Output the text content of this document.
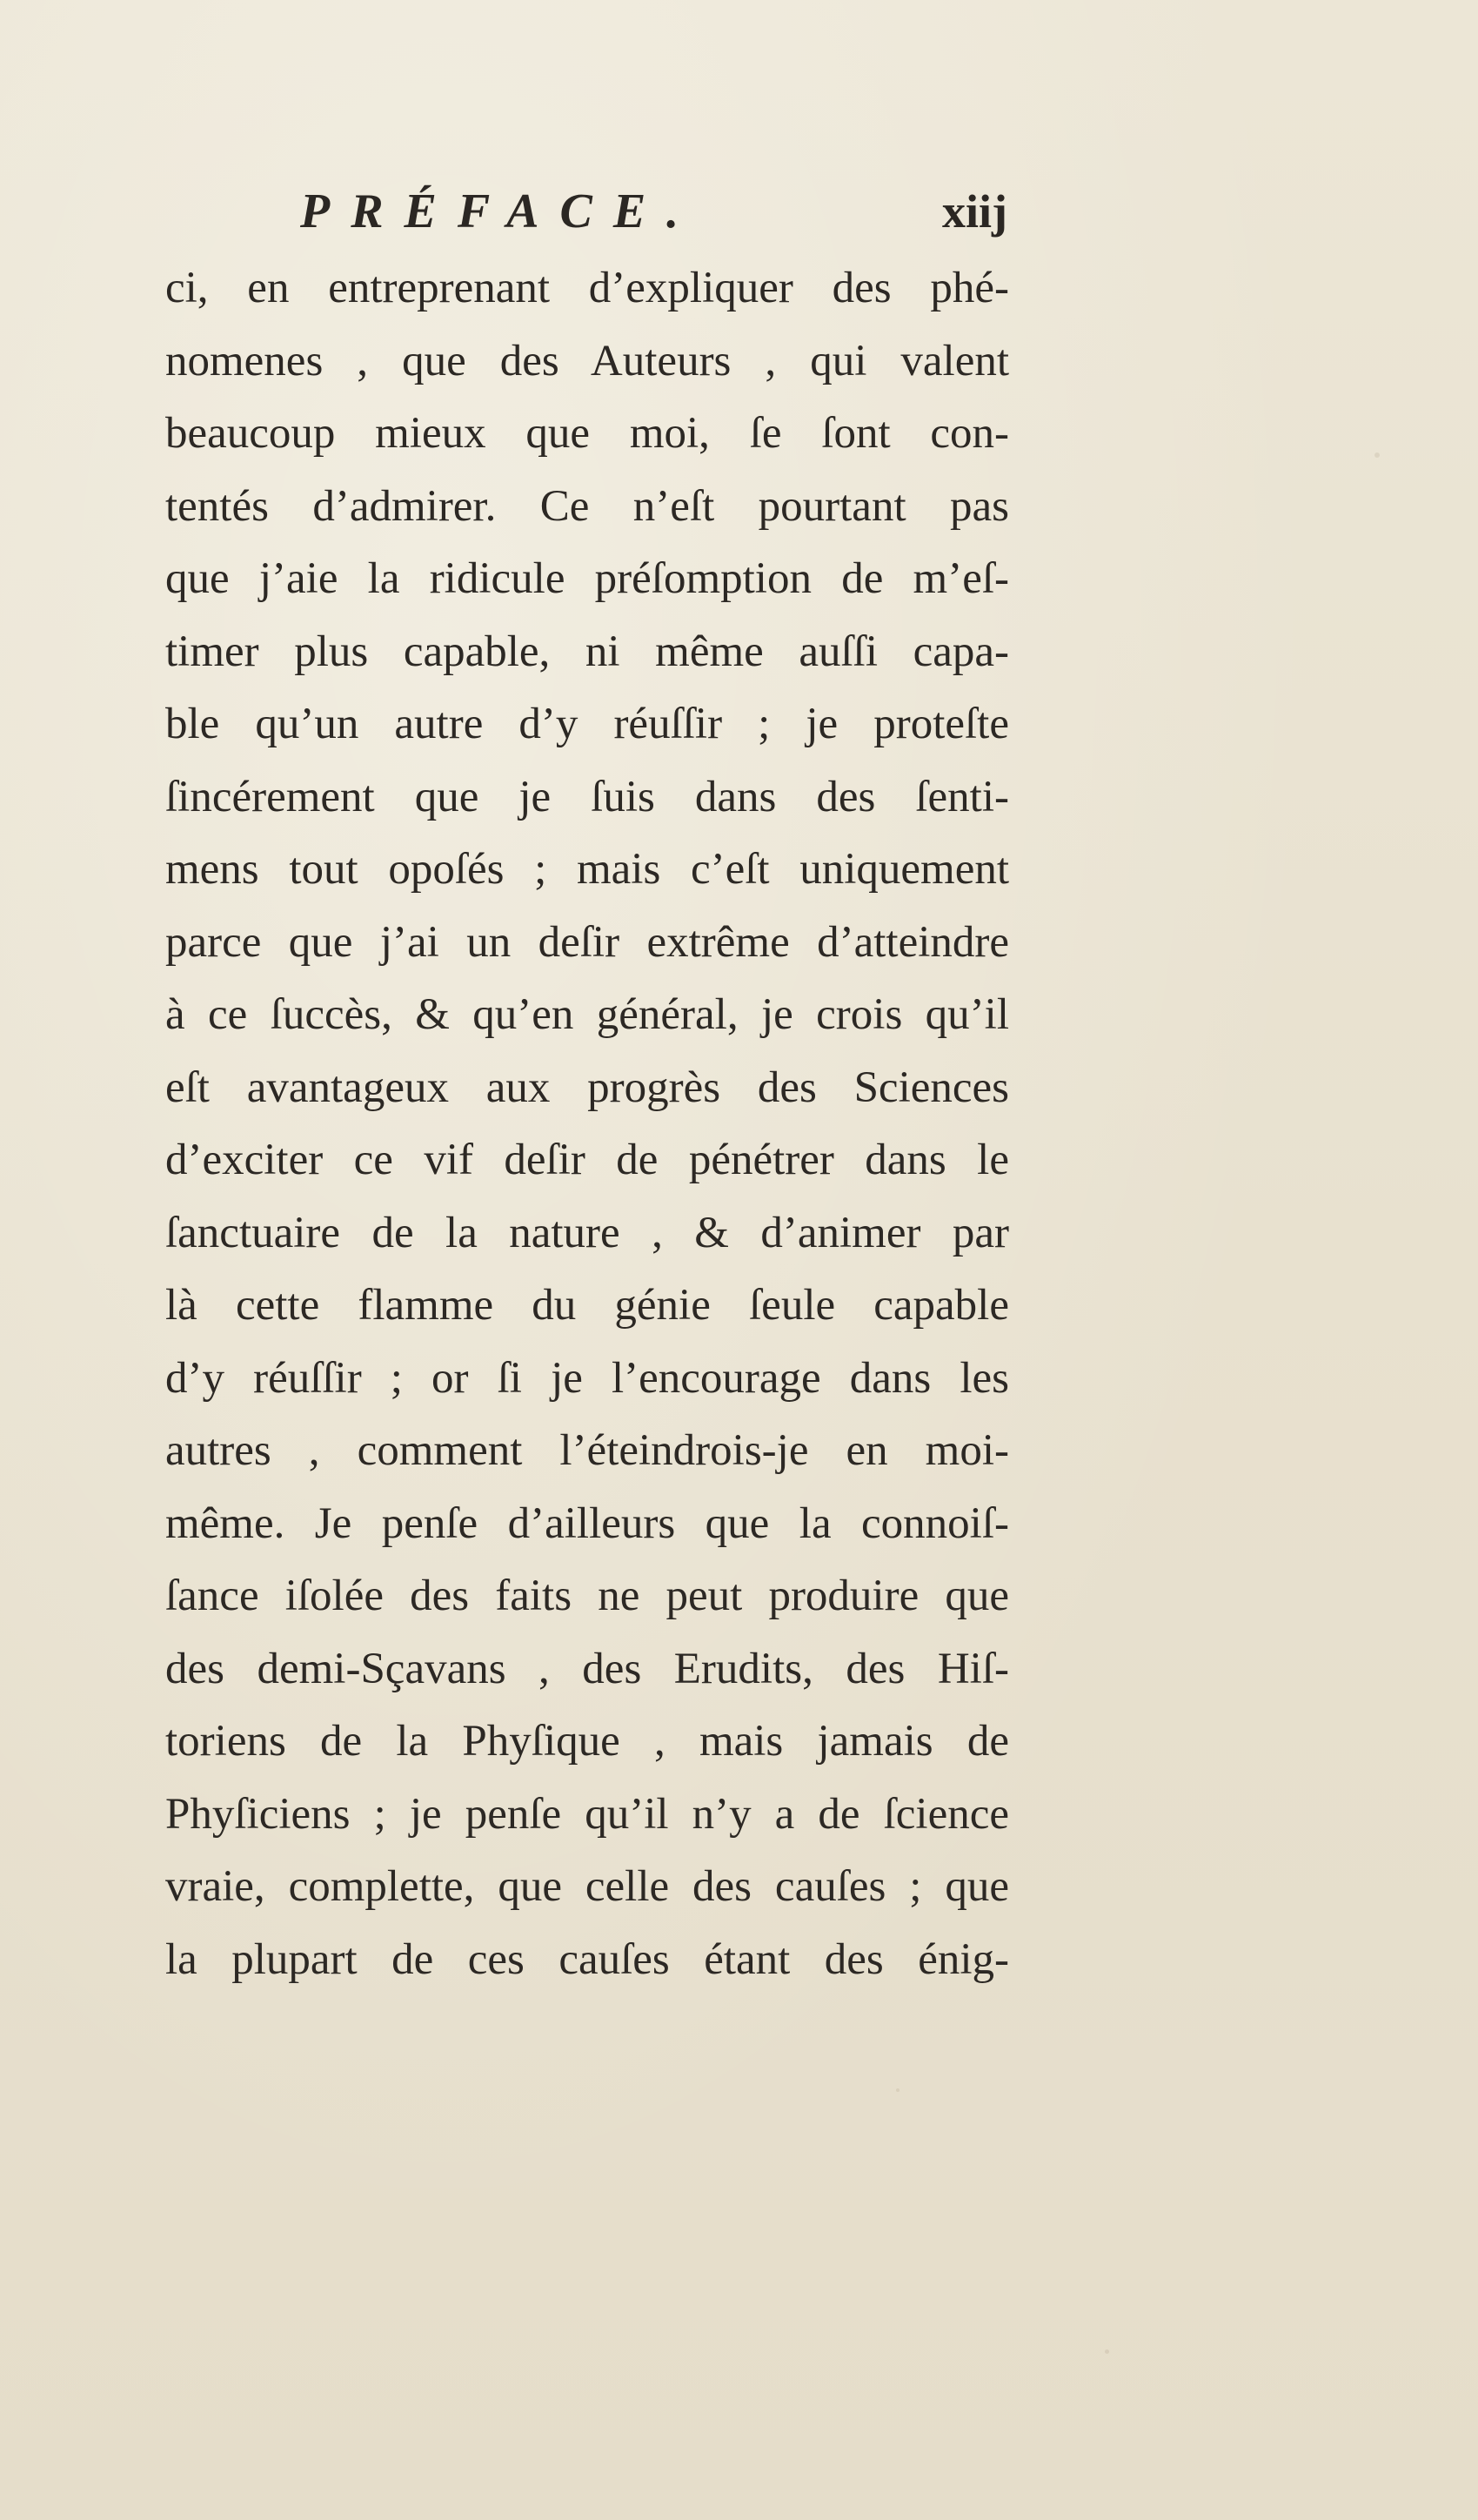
PRÉFACE.	xiij
ci, en entreprenant d’expliquer des phé-
nomenes , que des Auteurs , qui valent
beaucoup mieux que moi, ſe ſont con-
tentés d’admirer. Ce n’eſt pourtant pas
que j’aie la ridicule préſomption de m’eſ-
timer plus capable, ni même auſſi capa-
ble qu’un autre d’y réuſſir ; je proteſte
ſincérement que je ſuis dans des ſenti-
mens tout opoſés ; mais c’eſt uniquement
parce que j’ai un deſir extrême d’atteindre
à ce ſuccès, & qu’en général, je crois qu’il
eſt avantageux aux progrès des Sciences
d’exciter ce vif deſir de pénétrer dans le
ſanctuaire de la nature , & d’animer par
là cette flamme du génie ſeule capable
d’y réuſſir ; or ſi je l’encourage dans les
autres , comment l’éteindrois-je en moi-
même. Je penſe d’ailleurs que la connoiſ-
ſance iſolée des faits ne peut produire que
des demi-Sçavans , des Erudits, des Hiſ-
toriens de la Phyſique , mais jamais de
Phyſiciens ; je penſe qu’il n’y a de ſcience
vraie, complette, que celle des cauſes ; que
la plupart de ces cauſes étant des énig-
